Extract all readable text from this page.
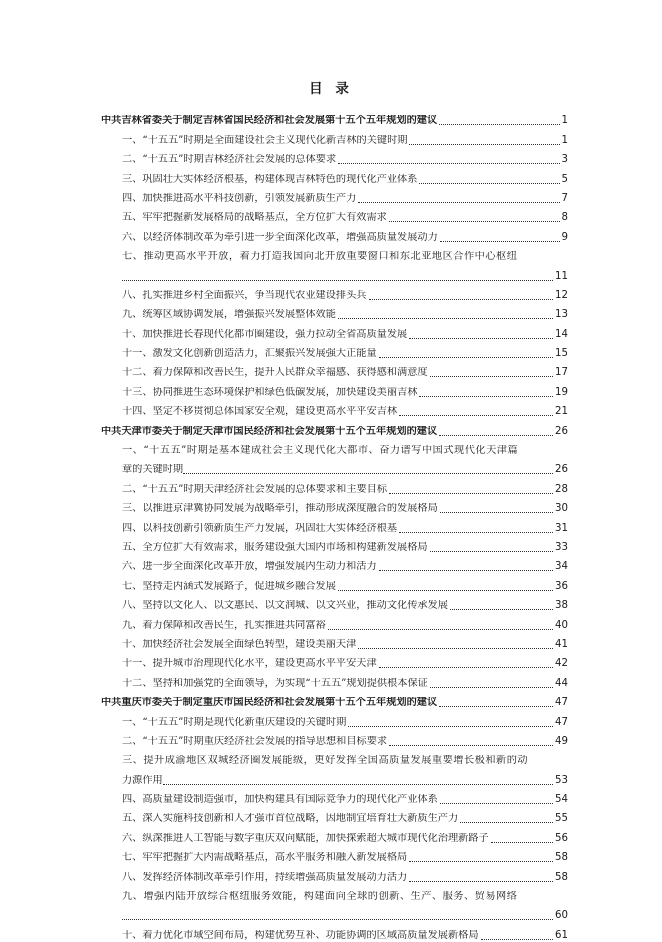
目 录
中共吉林省委关于制定吉林省国民经济和社会发展第十五个五年规划的建议	1
一、“十五五”时期是全面建设社会主义现代化新吉林的关键时期	1
二、“十五五”时期吉林经济社会发展的总体要求	3
三、巩固壮大实体经济根基，构建体现吉林特色的现代化产业体系	5
四、加快推进高水平科技创新，引领发展新质生产力	7
五、牢牢把握新发展格局的战略基点，全方位扩大有效需求	8
六、以经济体制改革为牵引进一步全面深化改革，增强高质量发展动力	9
七、推动更高水平开放，着力打造我国向北开放重要窗口和东北亚地区合作中心枢纽
11
八、扎实推进乡村全面振兴，争当现代农业建设排头兵	12
九、统筹区域协调发展，增强振兴发展整体效能	13
十、加快推进长春现代化都市圈建设，强力拉动全省高质量发展	14
十一、激发文化创新创造活力，汇聚振兴发展强大正能量	15
十二、着力保障和改善民生，提升人民群众幸福感、获得感和满意度	17
十三、协同推进生态环境保护和绿色低碳发展，加快建设美丽吉林	19
十四、坚定不移贯彻总体国家安全观，建设更高水平平安吉林	21
中共天津市委关于制定天津市国民经济和社会发展第十五个五年规划的建议	26
一、“十五五”时期是基本建成社会主义现代化大都市、奋力谱写中国式现代化天津篇
章的关键时期	26
二、“十五五”时期天津经济社会发展的总体要求和主要目标	28
三、以推进京津冀协同发展为战略牵引，推动形成深度融合的发展格局	30
四、以科技创新引领新质生产力发展，巩固壮大实体经济根基	31
五、全方位扩大有效需求，服务建设强大国内市场和构建新发展格局	33
六、进一步全面深化改革开放，增强发展内生动力和活力	34
七、坚持走内涵式发展路子，促进城乡融合发展	36
八、坚持以文化人、以文惠民、以文润城、以文兴业，推动文化传承发展	38
九、着力保障和改善民生，扎实推进共同富裕	40
十、加快经济社会发展全面绿色转型，建设美丽天津	41
十一、提升城市治理现代化水平，建设更高水平平安天津	42
十二、坚持和加强党的全面领导，为实现“十五五”规划提供根本保证	44
中共重庆市委关于制定重庆市国民经济和社会发展第十五个五年规划的建议	47
一、“十五五”时期是现代化新重庆建设的关键时期	47
二、“十五五”时期重庆经济社会发展的指导思想和目标要求	49
三、提升成渝地区双城经济圈发展能级，更好发挥全国高质量发展重要增长极和新的动
力源作用	53
四、高质量建设制造强市，加快构建具有国际竞争力的现代化产业体系	54
五、深入实施科技创新和人才强市首位战略，因地制宜培育壮大新质生产力	55
六、纵深推进人工智能与数字重庆双向赋能，加快探索超大城市现代化治理新路子	56
七、牢牢把握扩大内需战略基点，高水平服务和融入新发展格局	58
八、发挥经济体制改革牵引作用，持续增强高质量发展动力活力	58
九、增强内陆开放综合枢纽服务效能，构建面向全球的创新、生产、服务、贸易网络
60
十、着力优化市域空间布局，构建优势互补、功能协调的区域高质量发展新格局	61
